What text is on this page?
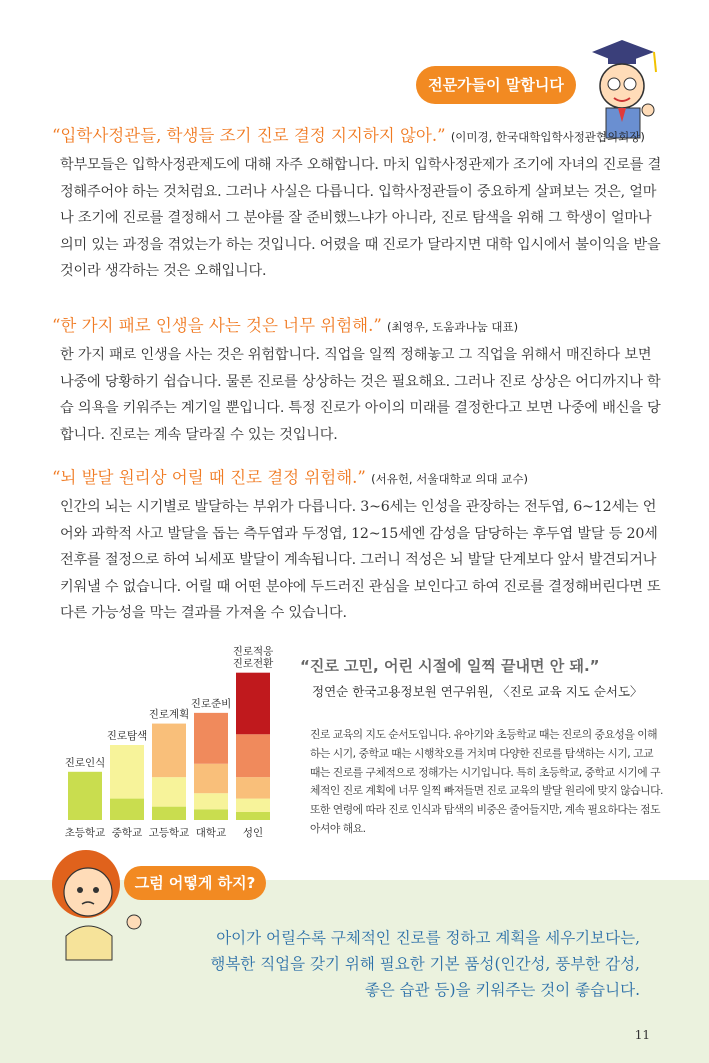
전문가들이 말합니다
“입학사정관들, 학생들 조기 진로 결정 지지하지 않아.” (이미경, 한국대학입학사정관협의회장)
학부모들은 입학사정관제도에 대해 자주 오해합니다. 마치 입학사정관제가 조기에 자녀의 진로를 결정해주어야 하는 것처럼요. 그러나 사실은 다릅니다. 입학사정관들이 중요하게 살펴보는 것은, 얼마나 조기에 진로를 결정해서 그 분야를 잘 준비했느냐가 아니라, 진로 탐색을 위해 그 학생이 얼마나 의미 있는 과정을 겪었는가 하는 것입니다. 어렸을 때 진로가 달라지면 대학 입시에서 불이익을 받을 것이라 생각하는 것은 오해입니다.
“한 가지 패로 인생을 사는 것은 너무 위험해.” (최영우, 도움과나눔 대표)
한 가지 패로 인생을 사는 것은 위험합니다. 직업을 일찍 정해놓고 그 직업을 위해서 매진하다 보면 나중에 당황하기 쉽습니다. 물론 진로를 상상하는 것은 필요해요. 그러나 진로 상상은 어디까지나 학습 의욕을 키워주는 계기일 뿐입니다. 특정 진로가 아이의 미래를 결정한다고 보면 나중에 배신을 당합니다. 진로는 계속 달라질 수 있는 것입니다.
“뇌 발달 원리상 어릴 때 진로 결정 위험해.” (서유헌, 서울대학교 의대 교수)
인간의 뇌는 시기별로 발달하는 부위가 다릅니다. 3~6세는 인성을 관장하는 전두엽, 6~12세는 언어와 과학적 사고 발달을 돕는 측두엽과 두정엽, 12~15세엔 감성을 담당하는 후두엽 발달 등 20세 전후를 절정으로 하여 뇌세포 발달이 계속됩니다. 그러니 적성은 뇌 발달 단계보다 앞서 발견되거나 키워낼 수 없습니다. 어릴 때 어떤 분야에 두드러진 관심을 보인다고 하여 진로를 결정해버린다면 또 다른 가능성을 막는 결과를 가져올 수 있습니다.
진로인식
초등학교
진로탐색
중학교
진로계획
고등학교
진로준비
대학교
진로적응
진로전환
성인
“진로 고민, 어린 시절에 일찍 끝내면 안 돼.”
정연순 한국고용정보원 연구위원, 〈진로 교육 지도 순서도〉
진로 교육의 지도 순서도입니다. 유아기와 초등학교 때는 진로의 중요성을 이해하는 시기, 중학교 때는 시행착오를 거치며 다양한 진로를 탐색하는 시기, 고교 때는 진로를 구체적으로 정해가는 시기입니다. 특히 초등학교, 중학교 시기에 구체적인 진로 계획에 너무 일찍 빠져들면 진로 교육의 발달 원리에 맞지 않습니다. 또한 연령에 따라 진로 인식과 탐색의 비중은 줄어들지만, 계속 필요하다는 점도 아셔야 해요.
그럼 어떻게 하지?
아이가 어릴수록 구체적인 진로를 정하고 계획을 세우기보다는,
행복한 직업을 갖기 위해 필요한 기본 품성(인간성, 풍부한 감성,
좋은 습관 등)을 키워주는 것이 좋습니다.
11
